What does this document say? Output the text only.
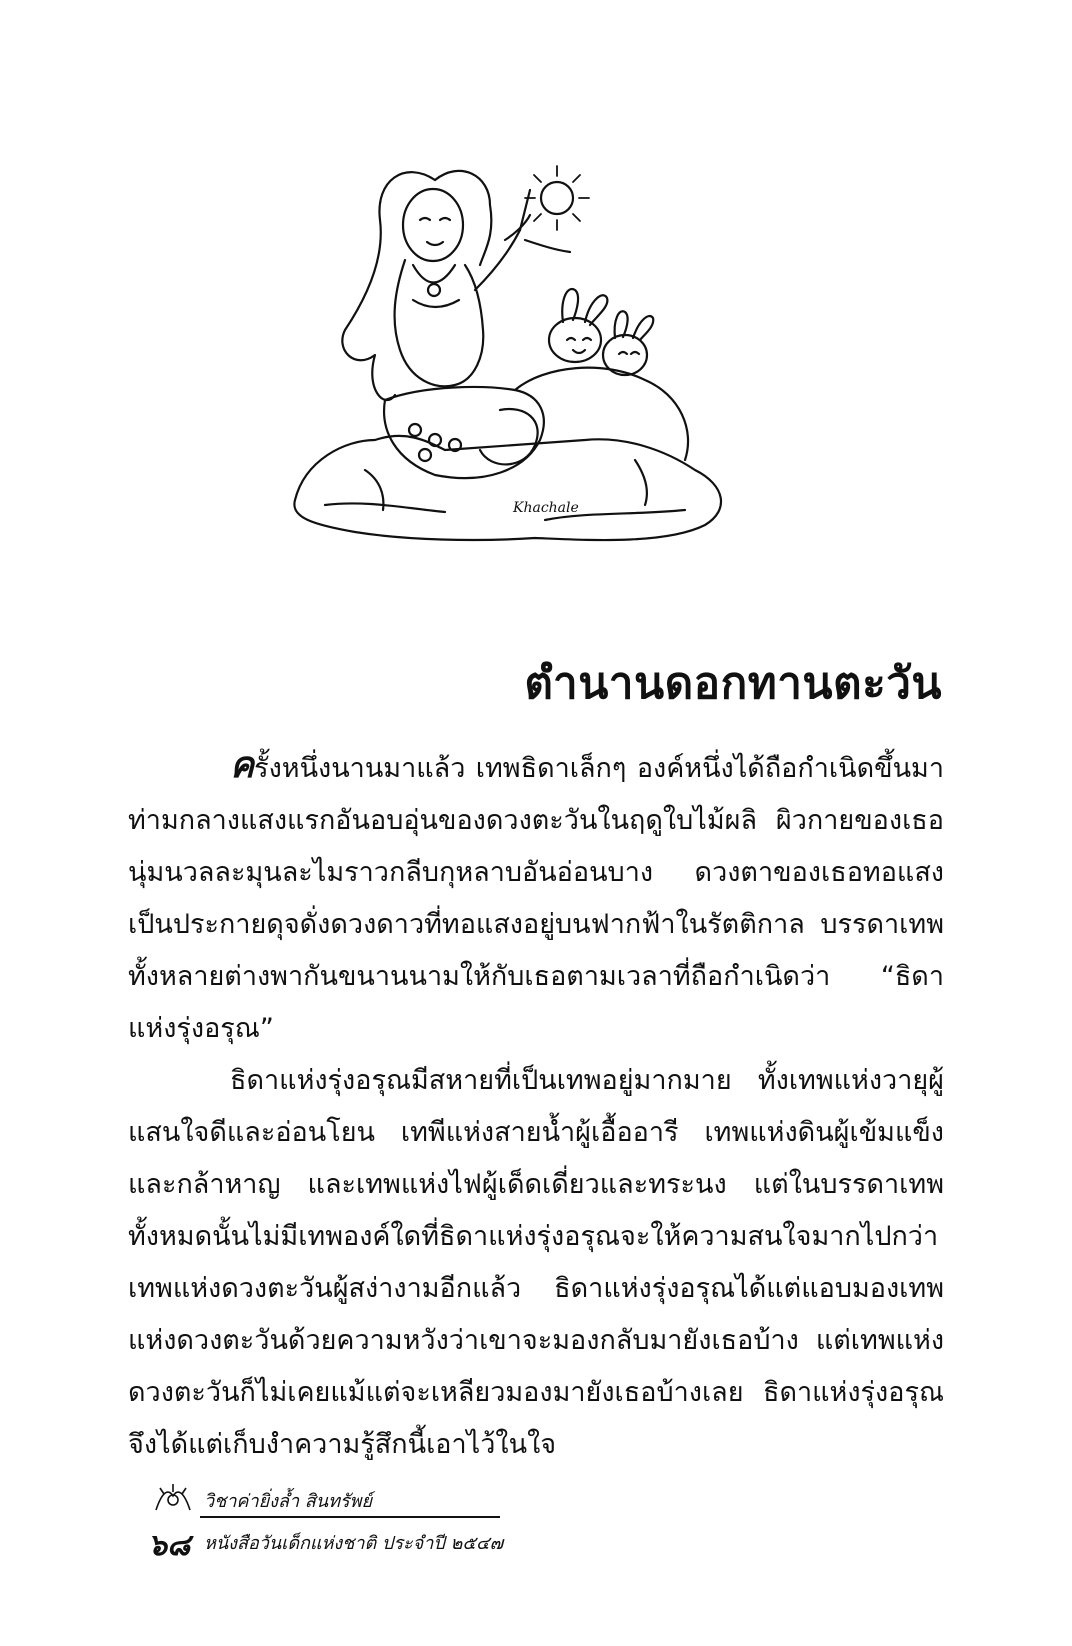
Khachale
ตำนานดอกทานตะวัน

ครั้งหนึ่งนานมาแล้ว เทพธิดาเล็กๆ องค์หนึ่งได้ถือกำเนิดขึ้นมาท่ามกลางแสงแรกอันอบอุ่นของดวงตะวันในฤดูใบไม้ผลิ ผิวกายของเธอนุ่มนวลละมุนละไมราวกลีบกุหลาบอันอ่อนบาง ดวงตาของเธอทอแสงเป็นประกายดุจดั่งดวงดาวที่ทอแสงอยู่บนฟากฟ้าในรัตติกาล บรรดาเทพทั้งหลายต่างพากันขนานนามให้กับเธอตามเวลาที่ถือกำเนิดว่า “ธิดาแห่งรุ่งอรุณ”

ธิดาแห่งรุ่งอรุณมีสหายที่เป็นเทพอยู่มากมาย ทั้งเทพแห่งวายุผู้แสนใจดีและอ่อนโยน เทพีแห่งสายน้ำผู้เอื้ออารี เทพแห่งดินผู้เข้มแข็งและกล้าหาญ และเทพแห่งไฟผู้เด็ดเดี่ยวและทระนง แต่ในบรรดาเทพทั้งหมดนั้นไม่มีเทพองค์ใดที่ธิดาแห่งรุ่งอรุณจะให้ความสนใจมากไปกว่าเทพแห่งดวงตะวันผู้สง่างามอีกแล้ว ธิดาแห่งรุ่งอรุณได้แต่แอบมองเทพแห่งดวงตะวันด้วยความหวังว่าเขาจะมองกลับมายังเธอบ้าง แต่เทพแห่งดวงตะวันก็ไม่เคยแม้แต่จะเหลียวมองมายังเธอบ้างเลย ธิดาแห่งรุ่งอรุณจึงได้แต่เก็บงำความรู้สึกนี้เอาไว้ในใจ

วิชาค่ายิ่งล้ำ สินทรัพย์
๖๘ หนังสือวันเด็กแห่งชาติ ประจำปี ๒๕๔๗
